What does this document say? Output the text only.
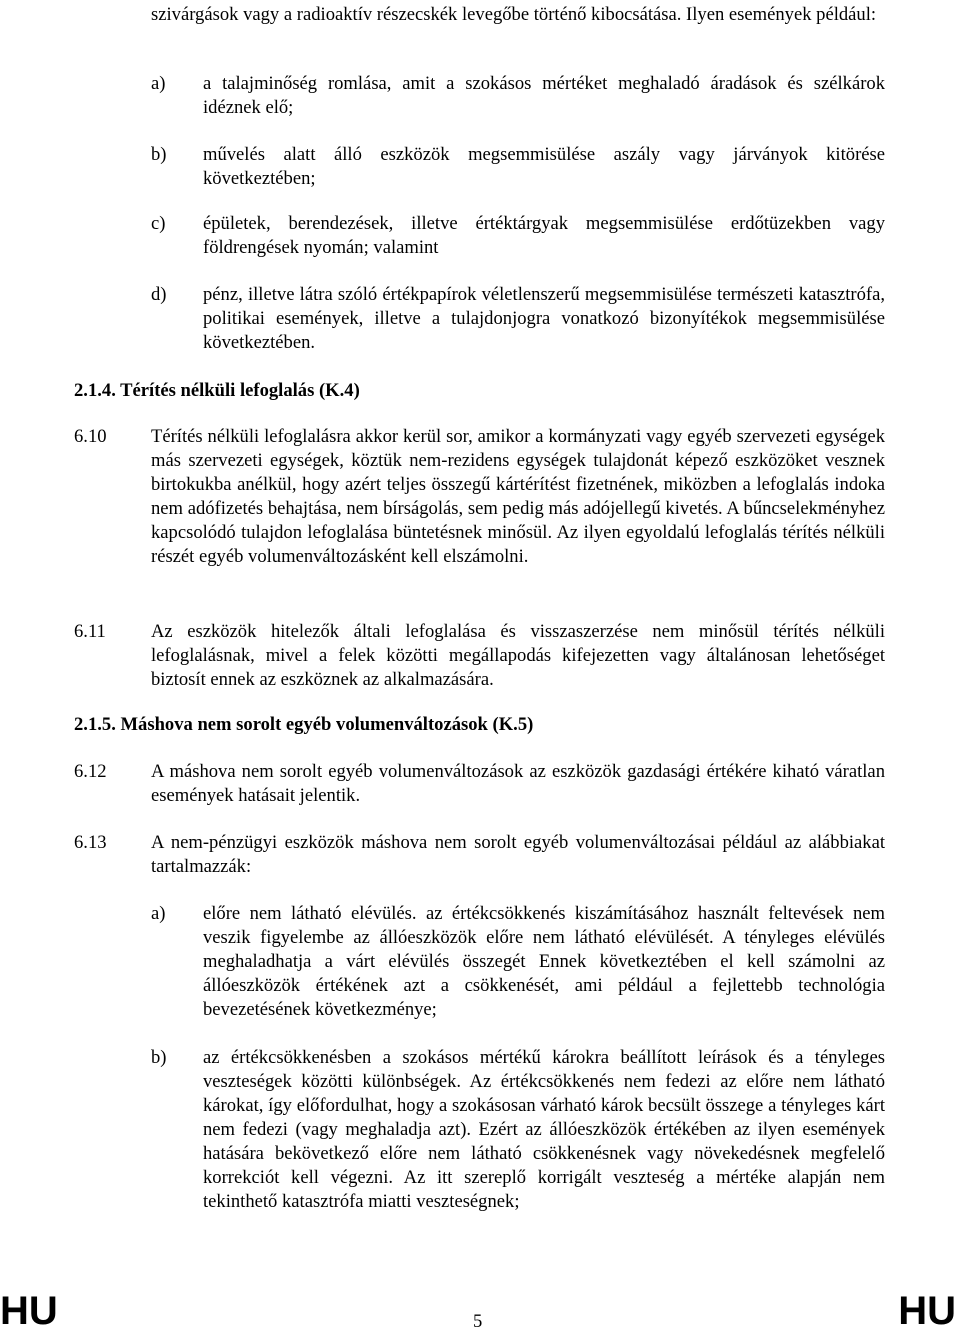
szivárgások vagy a radioaktív részecskék levegőbe történő kibocsátása. Ilyen események például:
a) a talajminőség romlása, amit a szokásos mértéket meghaladó áradások és szélkárok idéznek elő;
b) művelés alatt álló eszközök megsemmisülése aszály vagy járványok kitörése következtében;
c) épületek, berendezések, illetve értéktárgyak megsemmisülése erdőtüzekben vagy földrengések nyomán; valamint
d) pénz, illetve látra szóló értékpapírok véletlenszerű megsemmisülése természeti katasztrófa, politikai események, illetve a tulajdonjogra vonatkozó bizonyítékok megsemmisülése következtében.
2.1.4. Térítés nélküli lefoglalás (K.4)
6.10 Térítés nélküli lefoglalásra akkor kerül sor, amikor a kormányzati vagy egyéb szervezeti egységek más szervezeti egységek, köztük nem-rezidens egységek tulajdonát képező eszközöket vesznek birtokukba anélkül, hogy azért teljes összegű kártérítést fizetnének, miközben a lefoglalás indoka nem adófizetés behajtása, nem bírságolás, sem pedig más adójellegű kivetés. A bűncselekményhez kapcsolódó tulajdon lefoglalása büntetésnek minősül. Az ilyen egyoldalú lefoglalás térítés nélküli részét egyéb volumenváltozásként kell elszámolni.
6.11 Az eszközök hitelezők általi lefoglalása és visszaszerzése nem minősül térítés nélküli lefoglalásnak, mivel a felek közötti megállapodás kifejezetten vagy általánosan lehetőséget biztosít ennek az eszköznek az alkalmazására.
2.1.5. Máshova nem sorolt egyéb volumenváltozások (K.5)
6.12 A máshova nem sorolt egyéb volumenváltozások az eszközök gazdasági értékére kiható váratlan események hatásait jelentik.
6.13 A nem-pénzügyi eszközök máshova nem sorolt egyéb volumenváltozásai például az alábbiakat tartalmazzák:
a) előre nem látható elévülés. az értékcsökkenés kiszámításához használt feltevések nem veszik figyelembe az állóeszközök előre nem látható elévülését. A tényleges elévülés meghaladhatja a várt elévülés összegét Ennek következtében el kell számolni az állóeszközök értékének azt a csökkenését, ami például a fejlettebb technológia bevezetésének következménye;
b) az értékcsökkenésben a szokásos mértékű károkra beállított leírások és a tényleges veszteségek közötti különbségek. Az értékcsökkenés nem fedezi az előre nem látható károkat, így előfordulhat, hogy a szokásosan várható károk becsült összege a tényleges kárt nem fedezi (vagy meghaladja azt). Ezért az állóeszközök értékében az ilyen események hatására bekövetkező előre nem látható csökkenésnek vagy növekedésnek megfelelő korrekciót kell végezni. Az itt szereplő korrigált veszteség a mértéke alapján nem tekinthető katasztrófa miatti veszteségnek;
HU	5	HU
